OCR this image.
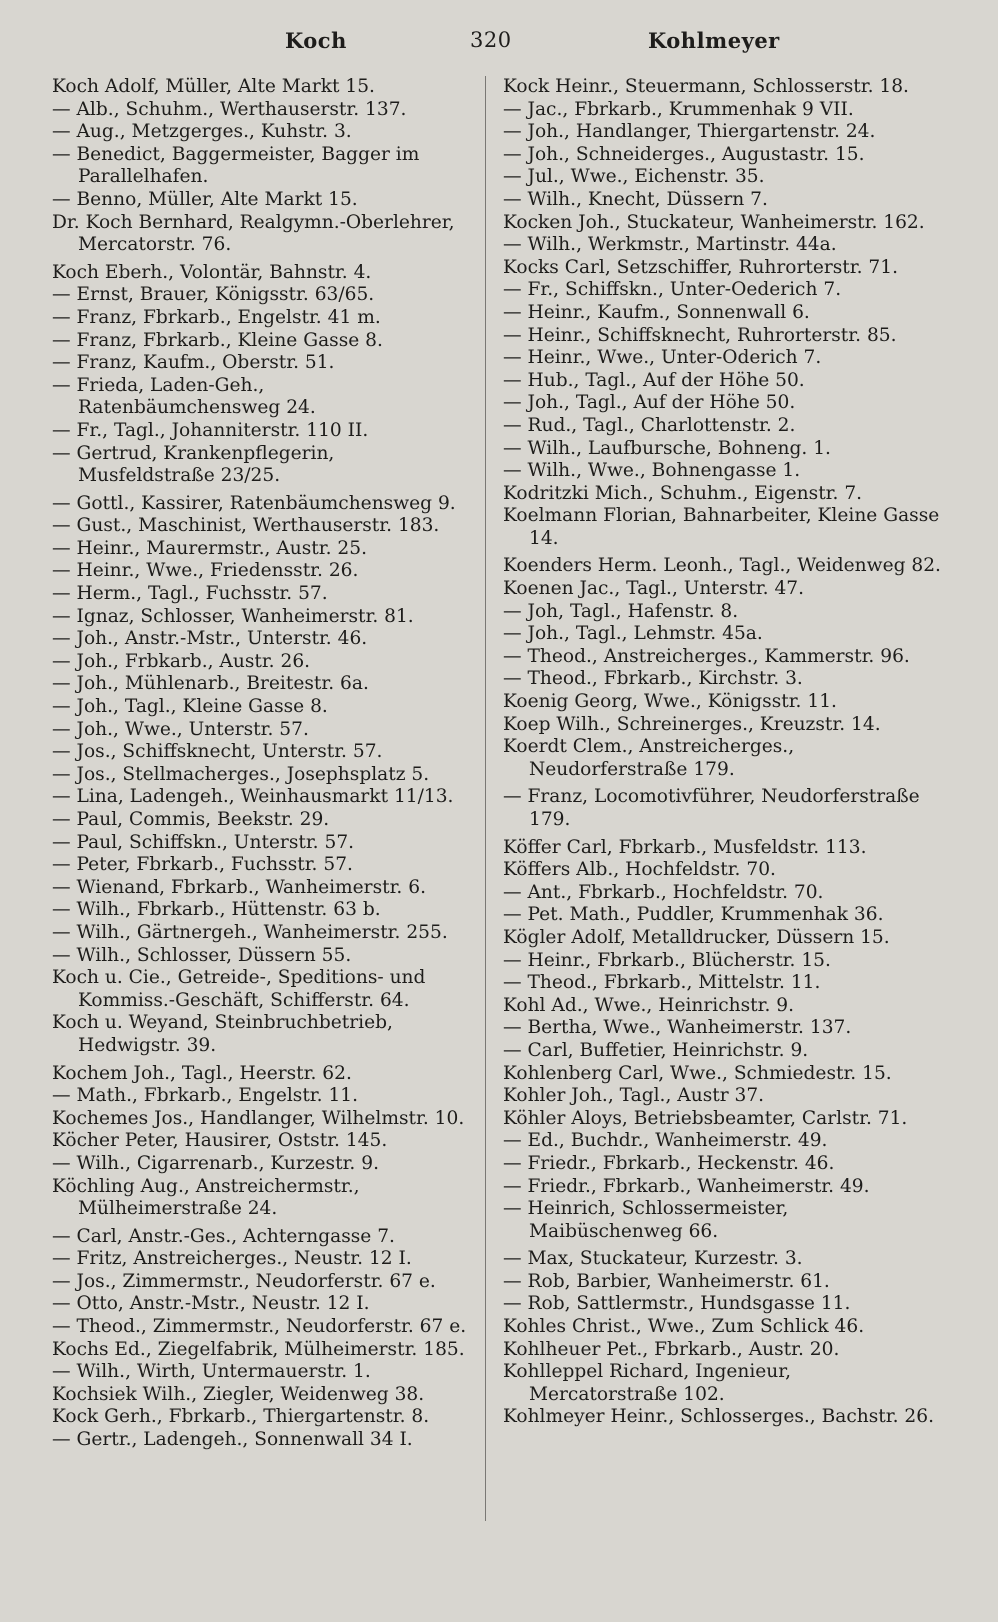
Koch	320	Kohlmeyer

Koch Adolf, Müller, Alte Markt 15.

— Alb., Schuhm., Werthauserstr. 137.

— Aug., Metzgerges., Kuhstr. 3.

— Benedict, Baggermeister, Bagger im Parallelhafen.

— Benno, Müller, Alte Markt 15.

Dr. Koch Bernhard, Realgymn.-Oberlehrer, Mercatorstr. 76.

Koch Eberh., Volontär, Bahnstr. 4.

— Ernst, Brauer, Königsstr. 63/65.

— Franz, Fbrkarb., Engelstr. 41 m.

— Franz, Fbrkarb., Kleine Gasse 8.

— Franz, Kaufm., Oberstr. 51.

— Frieda, Laden-Geh., Ratenbäumchensweg 24.

— Fr., Tagl., Johanniterstr. 110 II.

— Gertrud, Krankenpflegerin, Musfeldstraße 23/25.

— Gottl., Kassirer, Ratenbäumchensweg 9.

— Gust., Maschinist, Werthauserstr. 183.

— Heinr., Maurermstr., Austr. 25.

— Heinr., Wwe., Friedensstr. 26.

— Herm., Tagl., Fuchsstr. 57.

— Ignaz, Schlosser, Wanheimerstr. 81.

— Joh., Anstr.-Mstr., Unterstr. 46.

— Joh., Frbkarb., Austr. 26.

— Joh., Mühlenarb., Breitestr. 6a.

— Joh., Tagl., Kleine Gasse 8.

— Joh., Wwe., Unterstr. 57.

— Jos., Schiffsknecht, Unterstr. 57.

— Jos., Stellmacherges., Josephsplatz 5.

— Lina, Ladengeh., Weinhausmarkt 11/13.

— Paul, Commis, Beekstr. 29.

— Paul, Schiffskn., Unterstr. 57.

— Peter, Fbrkarb., Fuchsstr. 57.

— Wienand, Fbrkarb., Wanheimerstr. 6.

— Wilh., Fbrkarb., Hüttenstr. 63 b.

— Wilh., Gärtnergeh., Wanheimerstr. 255.

— Wilh., Schlosser, Düssern 55.

Koch u. Cie., Getreide-, Speditions- und Kommiss.-Geschäft, Schifferstr. 64.

Koch u. Weyand, Steinbruchbetrieb, Hedwigstr. 39.

Kochem Joh., Tagl., Heerstr. 62.

— Math., Fbrkarb., Engelstr. 11.

Kochemes Jos., Handlanger, Wilhelmstr. 10.

Köcher Peter, Hausirer, Oststr. 145.

— Wilh., Cigarrenarb., Kurzestr. 9.

Köchling Aug., Anstreichermstr., Mülheimerstraße 24.

— Carl, Anstr.-Ges., Achterngasse 7.

— Fritz, Anstreicherges., Neustr. 12 I.

— Jos., Zimmermstr., Neudorferstr. 67 e.

— Otto, Anstr.-Mstr., Neustr. 12 I.

— Theod., Zimmermstr., Neudorferstr. 67 e.

Kochs Ed., Ziegelfabrik, Mülheimerstr. 185.

— Wilh., Wirth, Untermauerstr. 1.

Kochsiek Wilh., Ziegler, Weidenweg 38.

Kock Gerh., Fbrkarb., Thiergartenstr. 8.

— Gertr., Ladengeh., Sonnenwall 34 I.

Kock Heinr., Steuermann, Schlosserstr. 18.

— Jac., Fbrkarb., Krummenhak 9 VII.

— Joh., Handlanger, Thiergartenstr. 24.

— Joh., Schneiderges., Augustastr. 15.

— Jul., Wwe., Eichenstr. 35.

— Wilh., Knecht, Düssern 7.

Kocken Joh., Stuckateur, Wanheimerstr. 162.

— Wilh., Werkmstr., Martinstr. 44a.

Kocks Carl, Setzschiffer, Ruhrorterstr. 71.

— Fr., Schiffskn., Unter-Oederich 7.

— Heinr., Kaufm., Sonnenwall 6.

— Heinr., Schiffsknecht, Ruhrorterstr. 85.

— Heinr., Wwe., Unter-Oderich 7.

— Hub., Tagl., Auf der Höhe 50.

— Joh., Tagl., Auf der Höhe 50.

— Rud., Tagl., Charlottenstr. 2.

— Wilh., Laufbursche, Bohneng. 1.

— Wilh., Wwe., Bohnengasse 1.

Kodritzki Mich., Schuhm., Eigenstr. 7.

Koelmann Florian, Bahnarbeiter, Kleine Gasse 14.

Koenders Herm. Leonh., Tagl., Weidenweg 82.

Koenen Jac., Tagl., Unterstr. 47.

— Joh, Tagl., Hafenstr. 8.

— Joh., Tagl., Lehmstr. 45a.

— Theod., Anstreicherges., Kammerstr. 96.

— Theod., Fbrkarb., Kirchstr. 3.

Koenig Georg, Wwe., Königsstr. 11.

Koep Wilh., Schreinerges., Kreuzstr. 14.

Koerdt Clem., Anstreicherges., Neudorferstraße 179.

— Franz, Locomotivführer, Neudorferstraße 179.

Köffer Carl, Fbrkarb., Musfeldstr. 113.

Köffers Alb., Hochfeldstr. 70.

— Ant., Fbrkarb., Hochfeldstr. 70.

— Pet. Math., Puddler, Krummenhak 36.

Kögler Adolf, Metalldrucker, Düssern 15.

— Heinr., Fbrkarb., Blücherstr. 15.

— Theod., Fbrkarb., Mittelstr. 11.

Kohl Ad., Wwe., Heinrichstr. 9.

— Bertha, Wwe., Wanheimerstr. 137.

— Carl, Buffetier, Heinrichstr. 9.

Kohlenberg Carl, Wwe., Schmiedestr. 15.

Kohler Joh., Tagl., Austr 37.

Köhler Aloys, Betriebsbeamter, Carlstr. 71.

— Ed., Buchdr., Wanheimerstr. 49.

— Friedr., Fbrkarb., Heckenstr. 46.

— Friedr., Fbrkarb., Wanheimerstr. 49.

— Heinrich, Schlossermeister, Maibüschenweg 66.

— Max, Stuckateur, Kurzestr. 3.

— Rob, Barbier, Wanheimerstr. 61.

— Rob, Sattlermstr., Hundsgasse 11.

Kohles Christ., Wwe., Zum Schlick 46.

Kohlheuer Pet., Fbrkarb., Austr. 20.

Kohlleppel Richard, Ingenieur, Mercatorstraße 102.

Kohlmeyer Heinr., Schlosserges., Bachstr. 26.
